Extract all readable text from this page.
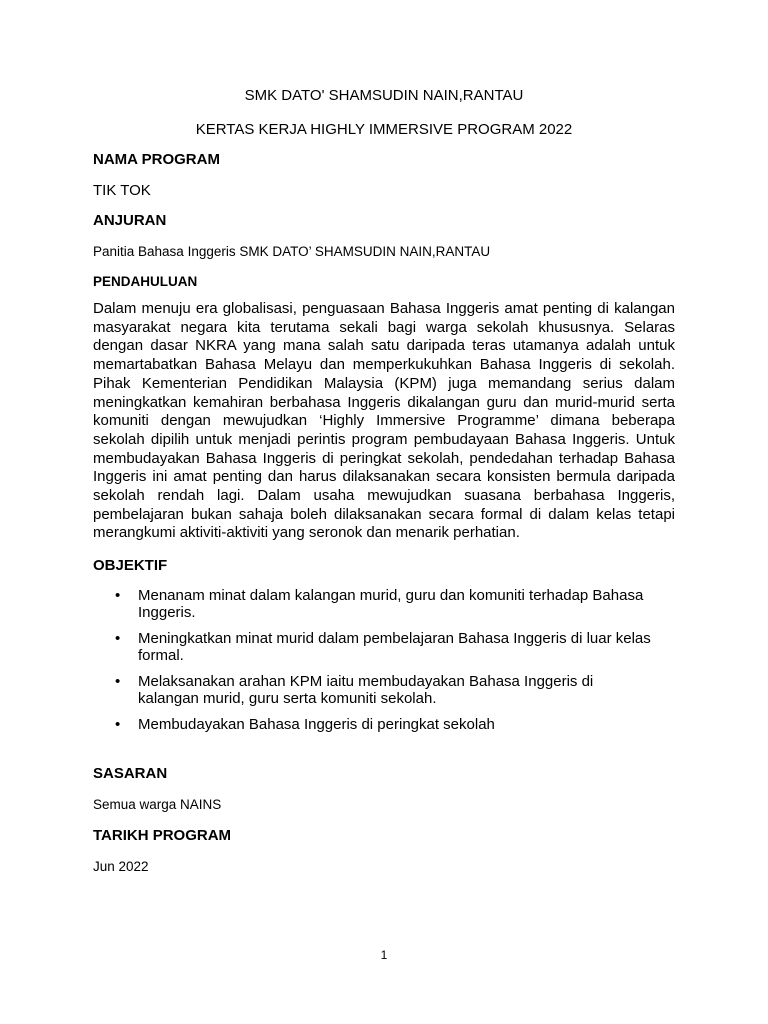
SMK DATO' SHAMSUDIN NAIN,RANTAU
KERTAS KERJA HIGHLY IMMERSIVE PROGRAM 2022
NAMA PROGRAM
TIK TOK
ANJURAN
Panitia Bahasa Inggeris SMK DATO’ SHAMSUDIN NAIN,RANTAU
PENDAHULUAN

Dalam menuju era globalisasi, penguasaan Bahasa Inggeris amat penting di kalangan masyarakat negara kita terutama sekali bagi warga sekolah khususnya. Selaras dengan dasar NKRA yang mana salah satu daripada teras utamanya adalah untuk memartabatkan Bahasa Melayu dan memperkukuhkan Bahasa Inggeris di sekolah. Pihak Kementerian Pendidikan Malaysia (KPM) juga memandang serius dalam meningkatkan kemahiran berbahasa Inggeris dikalangan guru dan murid-murid serta komuniti dengan mewujudkan ‘Highly Immersive Programme’ dimana beberapa sekolah dipilih untuk menjadi perintis program pembudayaan Bahasa Inggeris. Untuk membudayakan Bahasa Inggeris di peringkat sekolah, pendedahan terhadap Bahasa Inggeris ini amat penting dan harus dilaksanakan secara konsisten bermula daripada sekolah rendah lagi. Dalam usaha mewujudkan suasana berbahasa Inggeris, pembelajaran bukan sahaja boleh dilaksanakan secara formal di dalam kelas tetapi merangkumi aktiviti-aktiviti yang seronok dan menarik perhatian.

OBJEKTIF
• Menanam minat dalam kalangan murid, guru dan komuniti terhadap Bahasa Inggeris.
• Meningkatkan minat murid dalam pembelajaran Bahasa Inggeris di luar kelas formal.
• Melaksanakan arahan KPM iaitu membudayakan Bahasa Inggeris di kalangan murid, guru serta komuniti sekolah.
• Membudayakan Bahasa Inggeris di peringkat sekolah
SASARAN
Semua warga NAINS
TARIKH PROGRAM
Jun 2022
1
